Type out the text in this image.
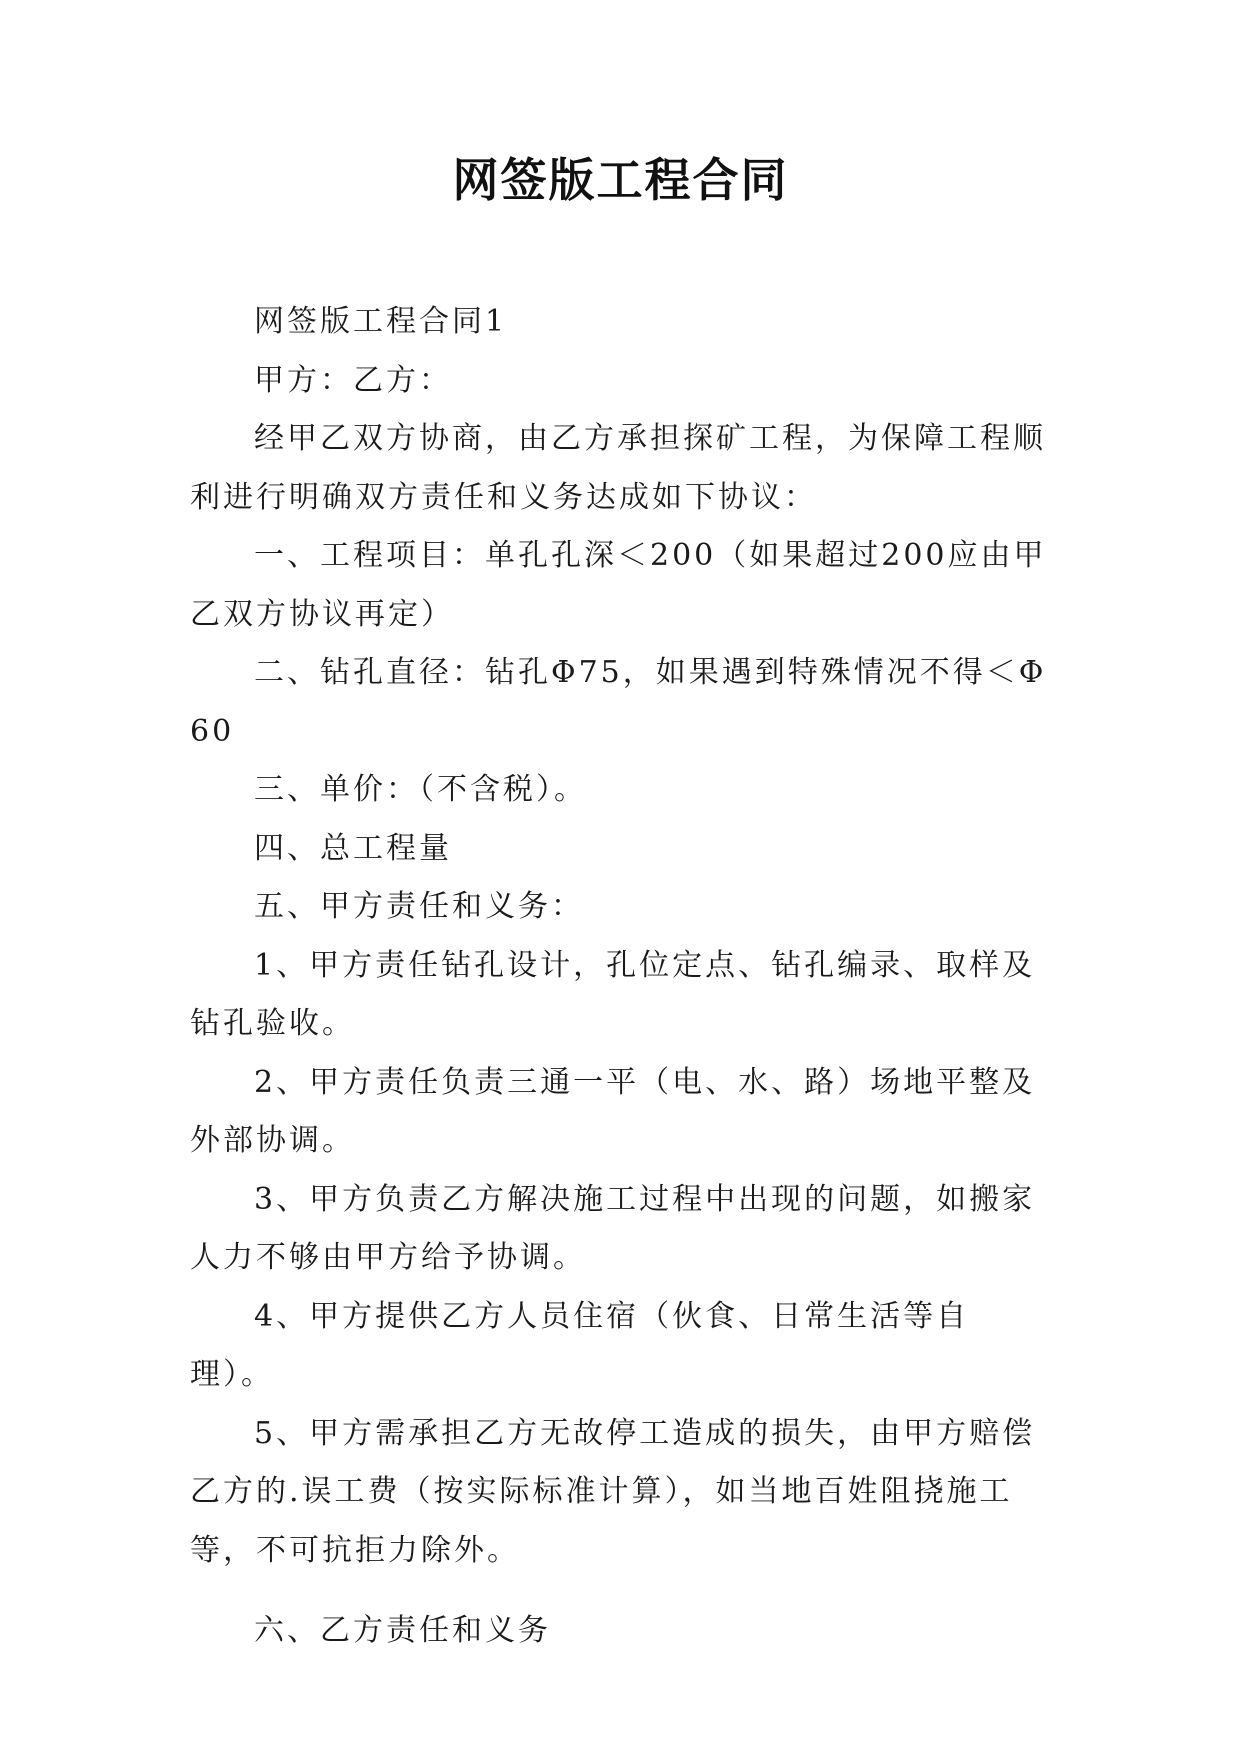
网签版工程合同

网签版工程合同1

甲方：乙方：

经甲乙双方协商，由乙方承担探矿工程，为保障工程顺利进行明确双方责任和义务达成如下协议：

一、工程项目：单孔孔深＜200（如果超过200应由甲乙双方协议再定）

二、钻孔直径：钻孔Φ75，如果遇到特殊情况不得＜Φ60

三、单价：（不含税）。

四、总工程量

五、甲方责任和义务：

1、甲方责任钻孔设计，孔位定点、钻孔编录、取样及钻孔验收。

2、甲方责任负责三通一平（电、水、路）场地平整及外部协调。

3、甲方负责乙方解决施工过程中出现的问题，如搬家人力不够由甲方给予协调。

4、甲方提供乙方人员住宿（伙食、日常生活等自理）。

5、甲方需承担乙方无故停工造成的损失，由甲方赔偿乙方的.误工费（按实际标准计算），如当地百姓阻挠施工等，不可抗拒力除外。

六、乙方责任和义务
